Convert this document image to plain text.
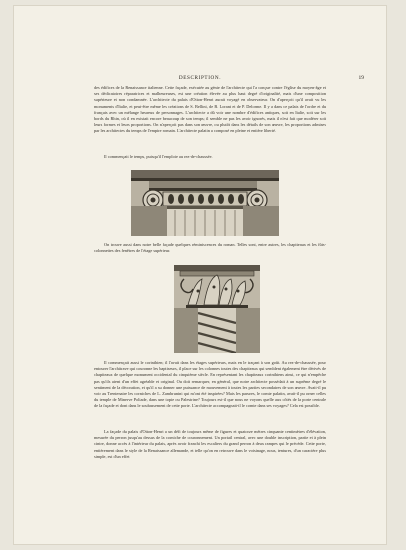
DESCRIPTION.	19

des édifices de la Renaissance italienne. Cette façade, exécutée au génie de l'architecte qui l'a conçue contre l'église du moyen-âge et ses dédicatoires réparatrices et malheureuses, est une création élevée au plus haut degré d'originalité, mais d'une composition supérieure et non condamnée. L'architecte du palais d'Otton-Henri aurait voyagé en observateur. On d'aperçoit qu'il avait vu les monuments d'Italie, et peut-être même les créations de S. Bellini, de B. Lorant et de P. Delorme. Il y a dans ce palais de l'ordre et du français avec un mélange heureux de personnages. L'architecte a dû voir une nombre d'édifices antiques, soit en Italie, soit sur les bords du Rhin, où il en existait encore beaucoup de son temps; il semble ne pas les avoir ignorés, mais il n'est fait que modérer soit leurs formes et leurs proportions. On n'aperçoit pas dans son œuvre, ou plutôt dans les détails de son œuvre, les proportions admises par les architectes du temps de l'empire romain. L'architecte palatin a composé en pleine et entière liberté.

Il commençait le temps, puisqu'il l'emploie au rez-de-chaussée.

On trouve aussi dans notre belle façade quelques réminiscences du roman. Telles sont, entre autres, les chapiteaux et les fûts-colonnettes des fenêtres de l'étage supérieur.

Il commençait aussi le corinthien; il l'avait dans les étages supérieurs, mais en le traçant à son goût. Au rez-de-chaussée, pour entourer l'architrave qui couronne les baptiseurs, il place sur les colonnes toutes des chapiteaux qui semblent également être dérivés de chapiteaux de quelque monument occidental du cinquième siècle. En représentant les chapiteaux corinthiens ainsi, ce qui n'empêche pas qu'ils aient d'un effet agréable et original. Ou doit remarquer, en général, que notre architecte possédait à un suprême degré le sentiment de la décoration, et qu'il a su donner une puissance de mouvement à toutes les parties secondaires de son œuvre. Avait-il pu voir au Trentenaire les corniches de L. Zambrunini qui m'ont été inspirées? Mais les parures, le comte palatin, avait-il pu orner celles du temple de Minerve Poliade, dans une topie ou Palestrine? Toujours est-il que nous ne voyons quelle aux côtés de la porte centrale de la façade et dont dans le soubassement de cette porte. L'architecte accompagnait-il le comte dans ses voyages? Cela est possible.

La façade du palais d'Otton-Henri a un défi de toujours même de figures et quatorze mètres cinquante centimètres d'élévation, mesurée du perron jusqu'au dessus de la corniche de couronnement. Un portail central, avec une double inscription, partie et à plein cintre, donne accès à l'intérieur du palais, après avoir franchi les escaliers du grand perron à deux rampes qui le précède. Cette porte, entièrement dans le style de la Renaissance allemande, et telle qu'on en retrouve dans le voisinage, nous, tentures, d'un caractère plus simple, est d'un effet
